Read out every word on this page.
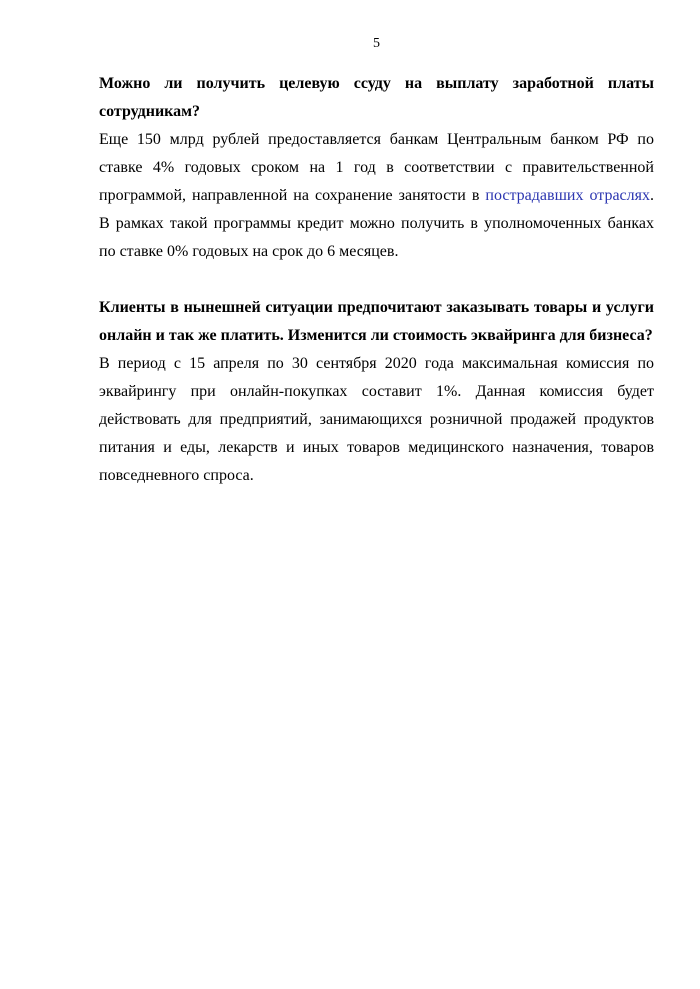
5
Можно ли получить целевую ссуду на выплату заработной платы сотрудникам?

Еще 150 млрд рублей предоставляется банкам Центральным банком РФ по ставке 4% годовых сроком на 1 год в соответствии с правительственной программой, направленной на сохранение занятости в пострадавших отраслях. В рамках такой программы кредит можно получить в уполномоченных банках по ставке 0% годовых на срок до 6 месяцев.

Клиенты в нынешней ситуации предпочитают заказывать товары и услуги онлайн и так же платить. Изменится ли стоимость эквайринга для бизнеса?

В период с 15 апреля по 30 сентября 2020 года максимальная комиссия по эквайрингу при онлайн-покупках составит 1%. Данная комиссия будет действовать для предприятий, занимающихся розничной продажей продуктов питания и еды, лекарств и иных товаров медицинского назначения, товаров повседневного спроса.
